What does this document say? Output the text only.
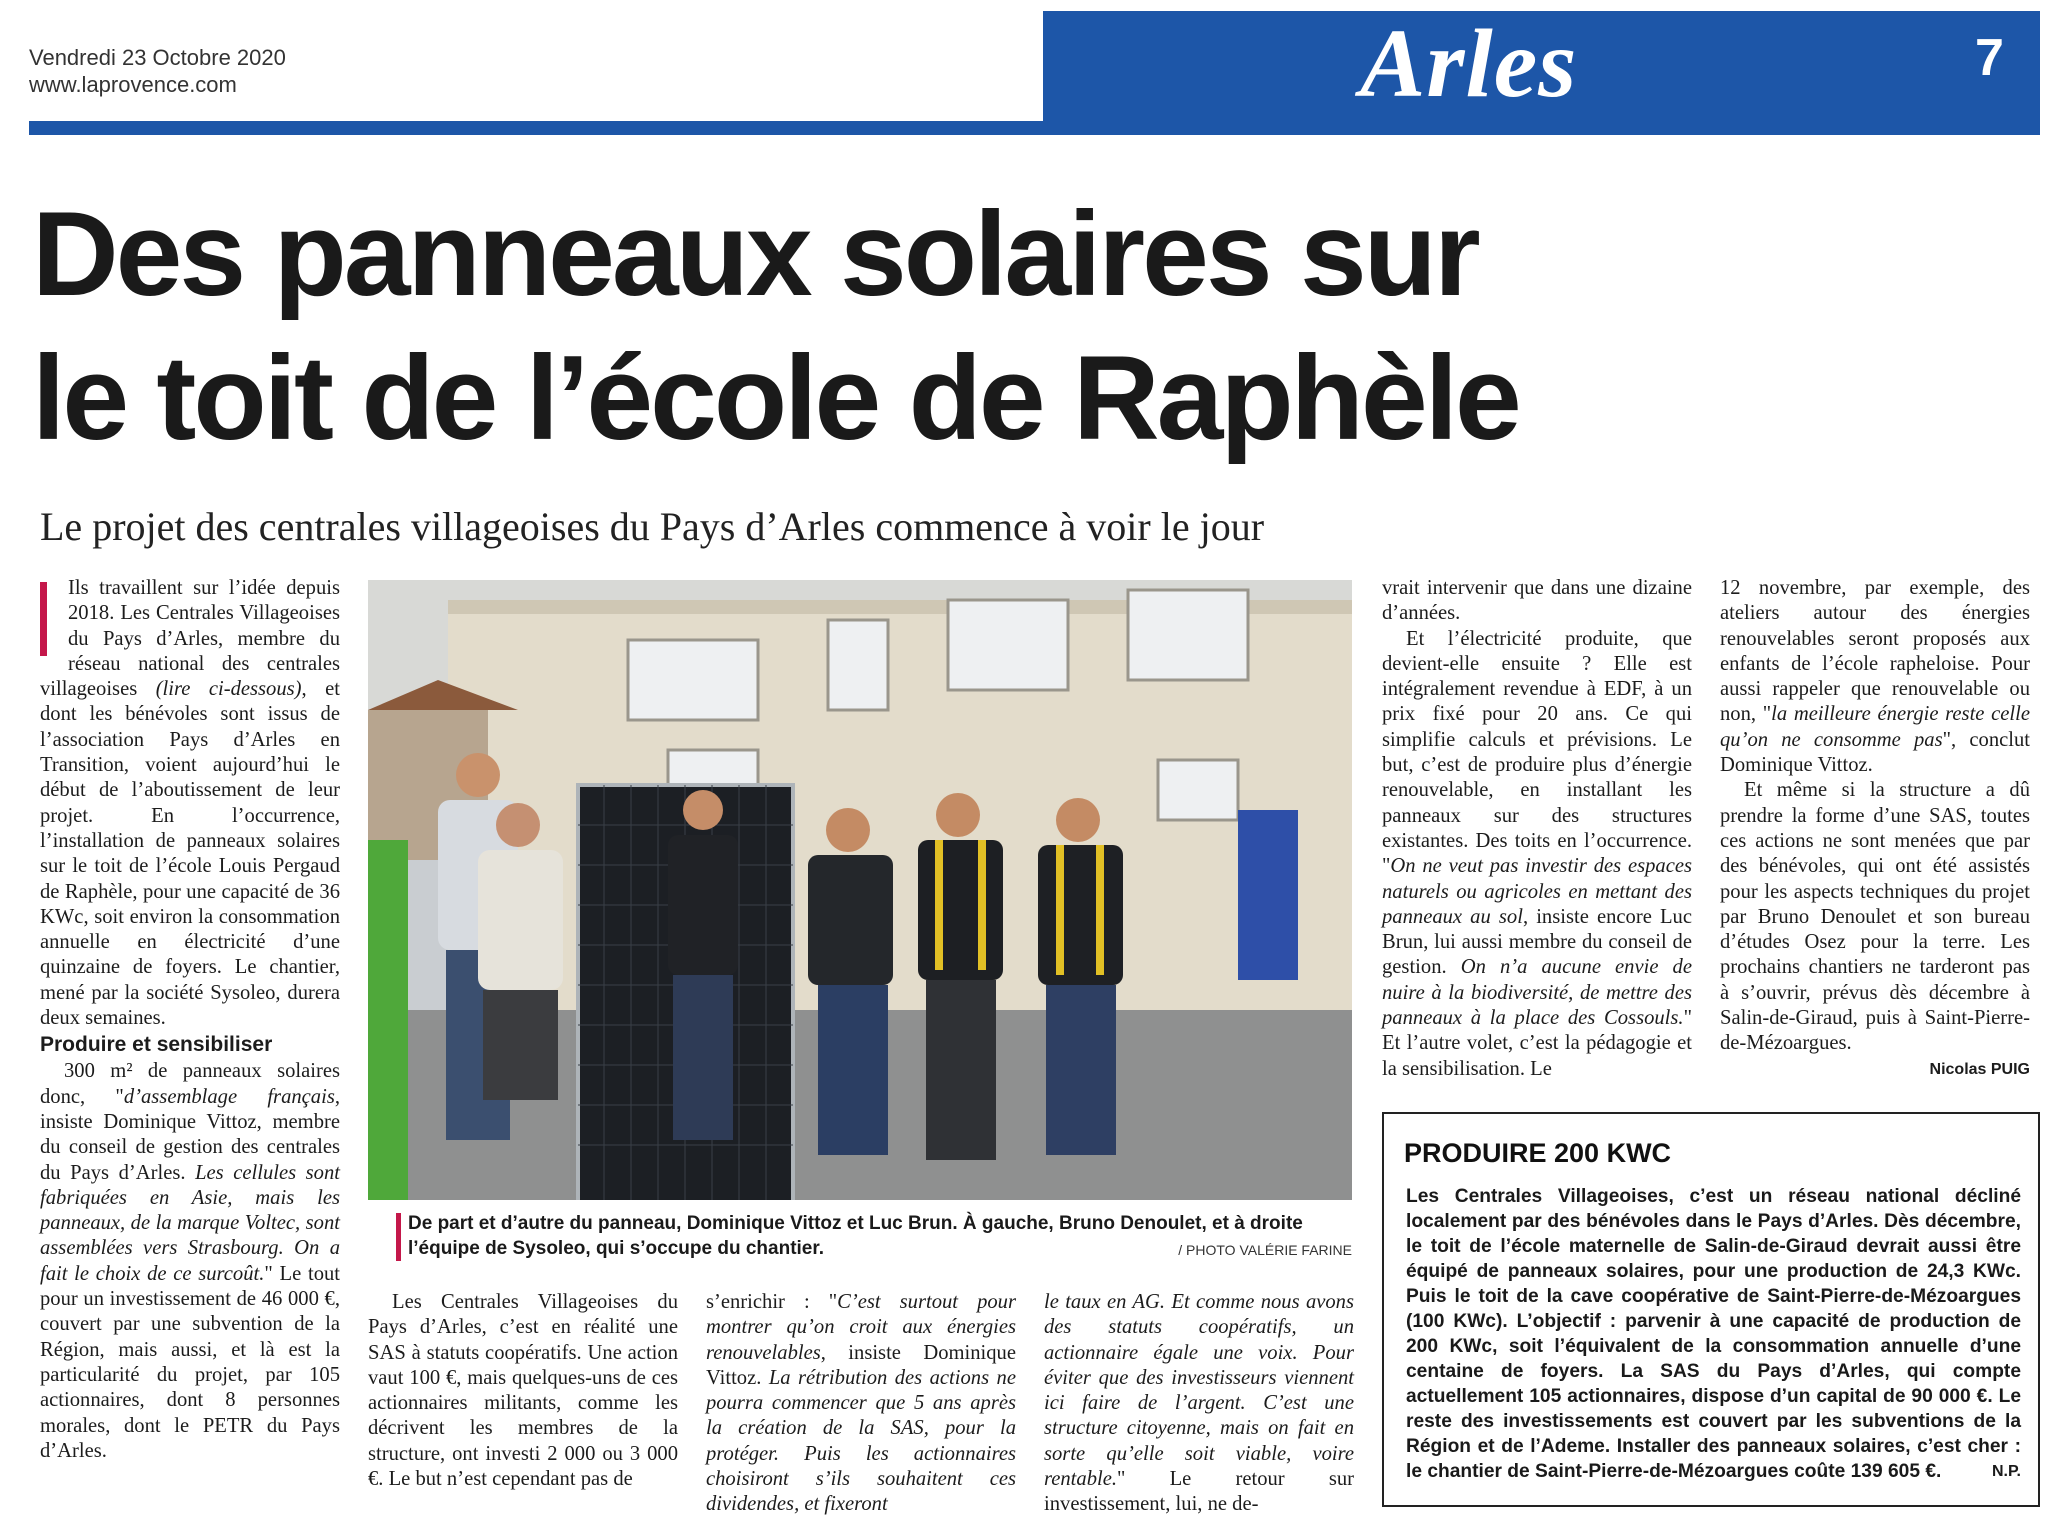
Vendredi 23 Octobre 2020
www.laprovence.com	Arles	7
Des panneaux solaires sur
le toit de l’école de Raphèle
Le projet des centrales villageoises du Pays d’Arles commence à voir le jour

Ils travaillent sur l’idée depuis 2018. Les Centrales Villageoises du Pays d’Arles, membre du réseau national des centrales villageoises (lire ci-dessous), et dont les bénévoles sont issus de l’association Pays d’Arles en Transition, voient aujourd’hui le début de l’aboutissement de leur projet. En l’occurrence, l’installation de panneaux solaires sur le toit de l’école Louis Pergaud de Raphèle, pour une capacité de 36 KWc, soit environ la consommation annuelle en électricité d’une quinzaine de foyers. Le chantier, mené par la société Sysoleo, durera deux semaines.

Produire et sensibiliser

300 m² de panneaux solaires donc, "d’assemblage français, insiste Dominique Vittoz, membre du conseil de gestion des centrales du Pays d’Arles. Les cellules sont fabriquées en Asie, mais les panneaux, de la marque Voltec, sont assemblées vers Strasbourg. On a fait le choix de ce surcoût." Le tout pour un investissement de 46 000 €, couvert par une subvention de la Région, mais aussi, et là est la particularité du projet, par 105 actionnaires, dont 8 personnes morales, dont le PETR du Pays d’Arles.

De part et d’autre du panneau, Dominique Vittoz et Luc Brun. À gauche, Bruno Denoulet, et à droite l’équipe de Sysoleo, qui s’occupe du chantier.	/ PHOTO VALÉRIE FARINE

Les Centrales Villageoises du Pays d’Arles, c’est en réalité une SAS à statuts coopératifs. Une action vaut 100 €, mais quelques-uns de ces actionnaires militants, comme les décrivent les membres de la structure, ont investi 2 000 ou 3 000 €. Le but n’est cependant pas de

s’enrichir : "C’est surtout pour montrer qu’on croit aux énergies renouvelables, insiste Dominique Vittoz. La rétribution des actions ne pourra commencer que 5 ans après la création de la SAS, pour la protéger. Puis les actionnaires choisiront s’ils souhaitent ces dividendes, et fixeront

le taux en AG. Et comme nous avons des statuts coopératifs, un actionnaire égale une voix. Pour éviter que des investisseurs viennent ici faire de l’argent. C’est une structure citoyenne, mais on fait en sorte qu’elle soit viable, voire rentable." Le retour sur investissement, lui, ne de-

vrait intervenir que dans une dizaine d’années.

Et l’électricité produite, que devient-elle ensuite ? Elle est intégralement revendue à EDF, à un prix fixé pour 20 ans. Ce qui simplifie calculs et prévisions. Le but, c’est de produire plus d’énergie renouvelable, en installant les panneaux sur des structures existantes. Des toits en l’occurrence. "On ne veut pas investir des espaces naturels ou agricoles en mettant des panneaux au sol, insiste encore Luc Brun, lui aussi membre du conseil de gestion. On n’a aucune envie de nuire à la biodiversité, de mettre des panneaux à la place des Cossouls." Et l’autre volet, c’est la pédagogie et la sensibilisation. Le

12 novembre, par exemple, des ateliers autour des énergies renouvelables seront proposés aux enfants de l’école rapheloise. Pour aussi rappeler que renouvelable ou non, "la meilleure énergie reste celle qu’on ne consomme pas", conclut Dominique Vittoz.

Et même si la structure a dû prendre la forme d’une SAS, toutes ces actions ne sont menées que par des bénévoles, qui ont été assistés pour les aspects techniques du projet par Bruno Denoulet et son bureau d’études Osez pour la terre. Les prochains chantiers ne tarderont pas à s’ouvrir, prévus dès décembre à Salin-de-Giraud, puis à Saint-Pierre-de-Mézoargues.

Nicolas PUIG

PRODUIRE 200 KWC
Les Centrales Villageoises, c’est un réseau national décliné localement par des bénévoles dans le Pays d’Arles. Dès décembre, le toit de l’école maternelle de Salin-de-Giraud devrait aussi être équipé de panneaux solaires, pour une production de 24,3 KWc. Puis le toit de la cave coopérative de Saint-Pierre-de-Mézoargues (100 KWc). L’objectif : parvenir à une capacité de production de 200 KWc, soit l’équivalent de la consommation annuelle d’une centaine de foyers. La SAS du Pays d’Arles, qui compte actuellement 105 actionnaires, dispose d’un capital de 90 000 €. Le reste des investissements est couvert par les subventions de la Région et de l’Ademe. Installer des panneaux solaires, c’est cher : le chantier de Saint-Pierre-de-Mézoargues coûte 139 605 €.	N.P.
